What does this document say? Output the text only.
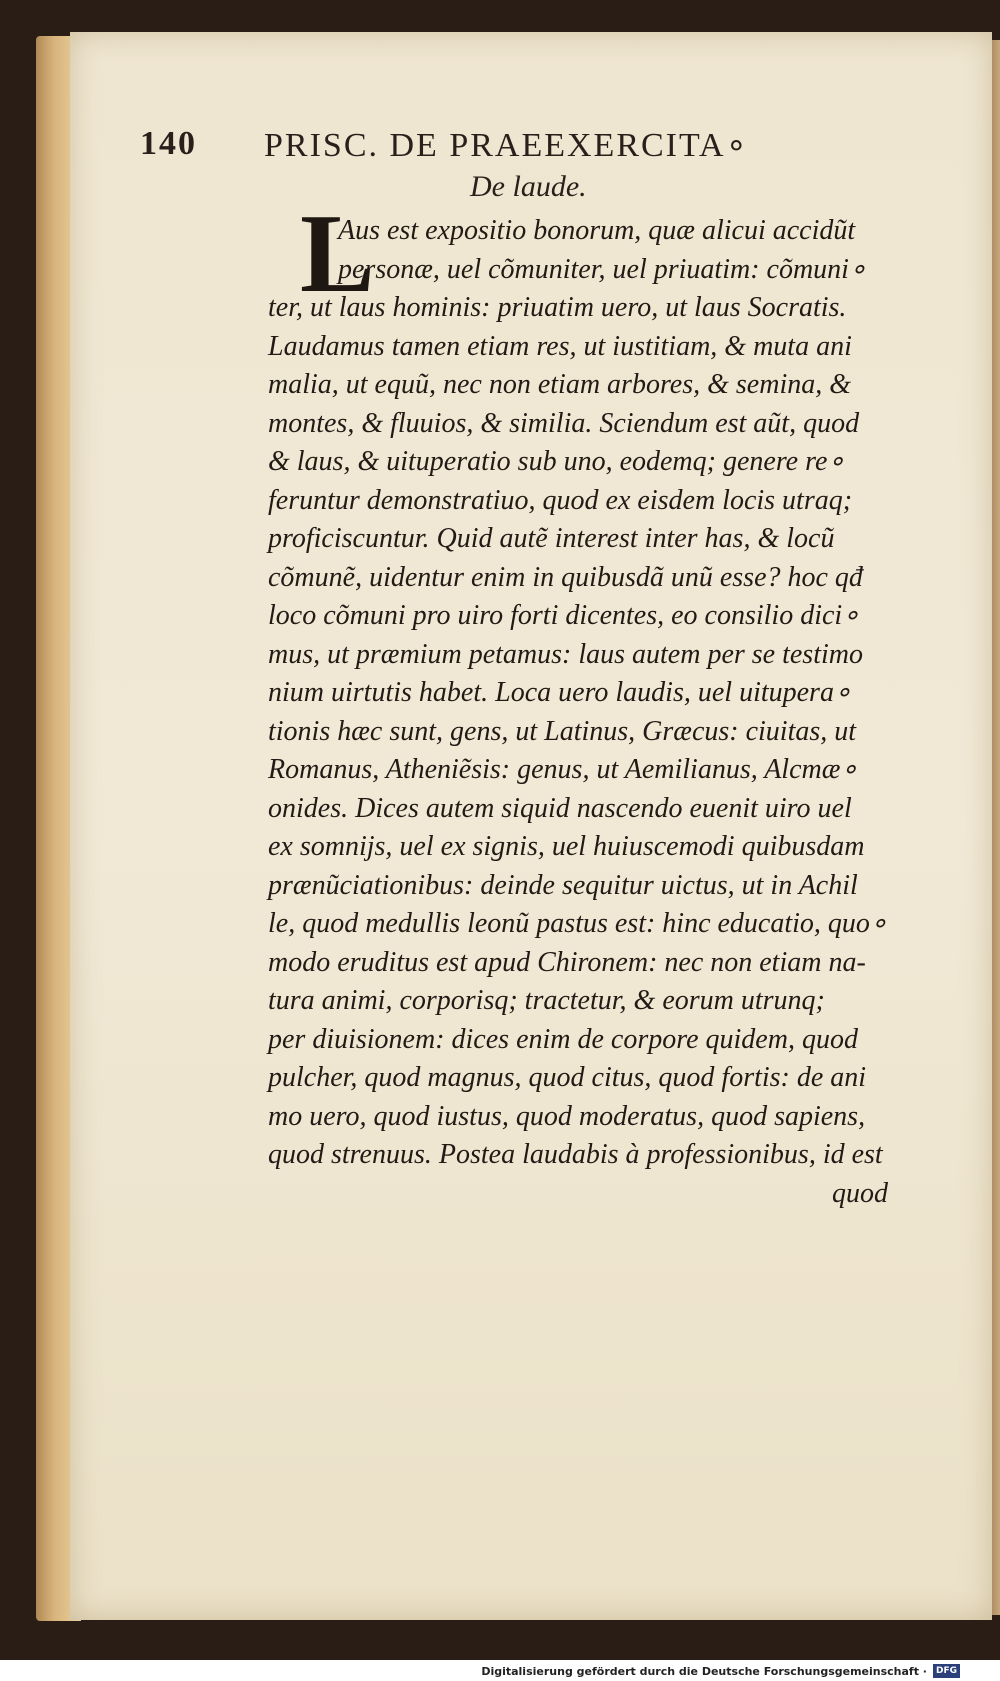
140 PRISC. DE PRAEEXERCITA∘
De laude.
L
Aus est expositio bonorum, quæ alicui accidũt
personæ, uel cõmuniter, uel priuatim: cõmuni∘
ter, ut laus hominis: priuatim uero, ut laus Socratis.
Laudamus tamen etiam res, ut iustitiam, & muta ani
malia, ut equũ, nec non etiam arbores, & semina, &
montes, & fluuios, & similia. Sciendum est aũt, quod
& laus, & uituperatio sub uno, eodemq; genere re∘
feruntur demonstratiuo, quod ex eisdem locis utraq;
proficiscuntur. Quid autẽ interest inter has, & locũ
cõmunẽ, uidentur enim in quibusdã unũ esse? hoc qđ
loco cõmuni pro uiro forti dicentes, eo consilio dici∘
mus, ut præmium petamus: laus autem per se testimo
nium uirtutis habet. Loca uero laudis, uel uitupera∘
tionis hæc sunt, gens, ut Latinus, Græcus: ciuitas, ut
Romanus, Atheniẽsis: genus, ut Aemilianus, Alcmæ∘
onides. Dices autem siquid nascendo euenit uiro uel
ex somnijs, uel ex signis, uel huiuscemodi quibusdam
prænũciationibus: deinde sequitur uictus, ut in Achil
le, quod medullis leonũ pastus est: hinc educatio, quo∘
modo eruditus est apud Chironem: nec non etiam na-
tura animi, corporisq; tractetur, & eorum utrunq;
per diuisionem: dices enim de corpore quidem, quod
pulcher, quod magnus, quod citus, quod fortis: de ani
mo uero, quod iustus, quod moderatus, quod sapiens,
quod strenuus. Postea laudabis à professionibus, id est
quod
Digitalisierung gefördert durch die Deutsche Forschungsgemeinschaft ·	DFG
